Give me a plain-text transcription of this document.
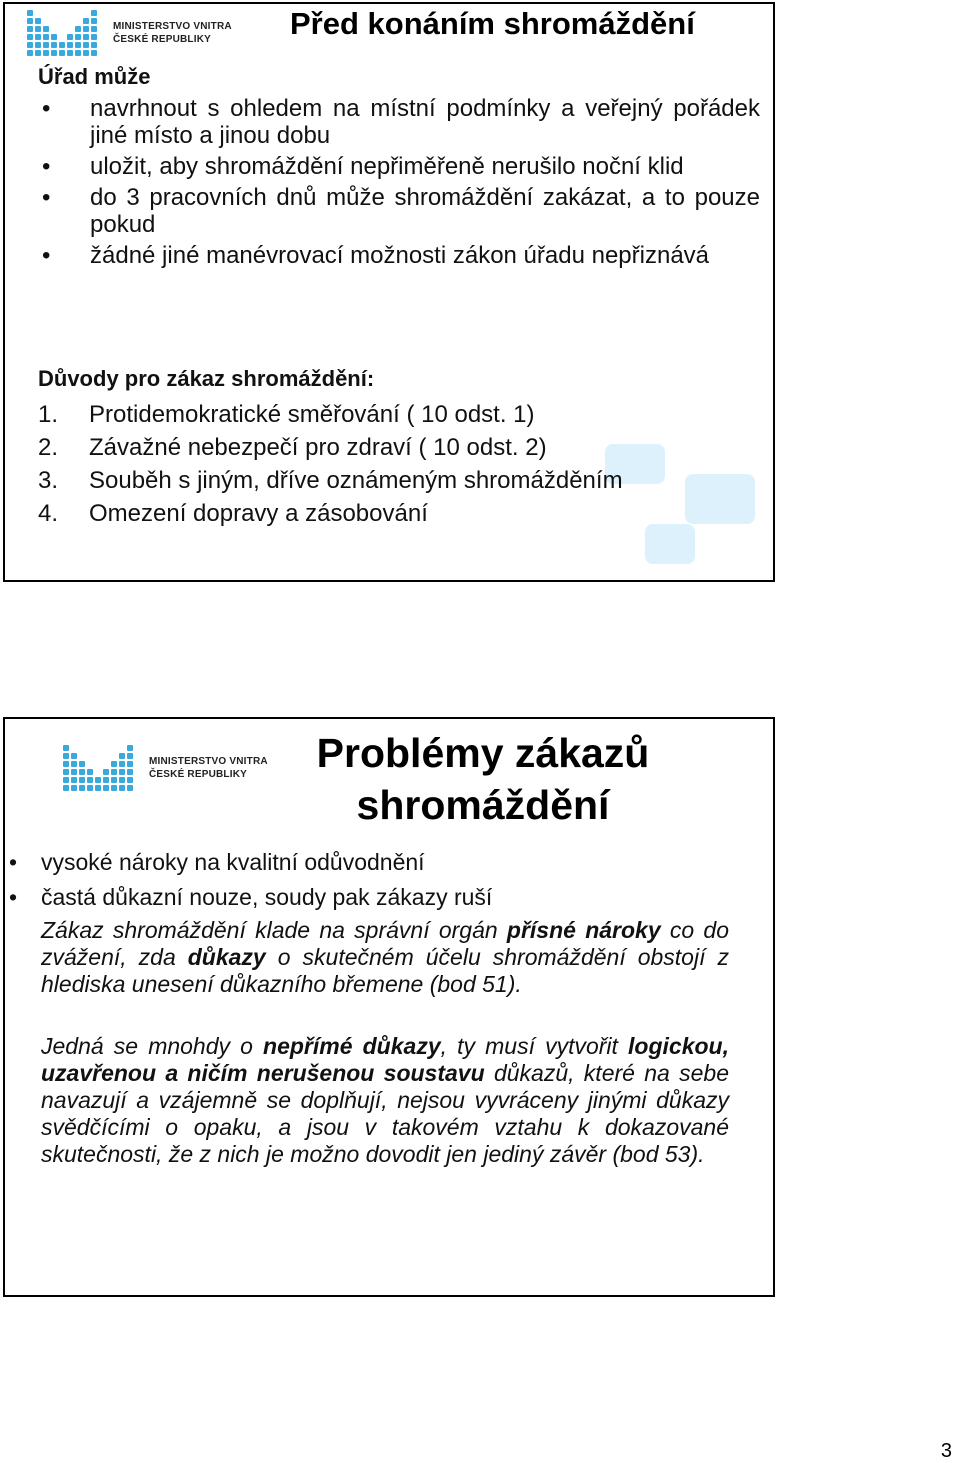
MINISTERSTVO VNITRA
ČESKÉ REPUBLIKY	Před konáním shromáždění
Úřad může
• navrhnout s ohledem na místní podmínky a veřejný pořádek jiné místo a jinou dobu
• uložit, aby shromáždění nepřiměřeně nerušilo noční klid
• do 3 pracovních dnů může shromáždění zakázat, a to pouze pokud
• žádné jiné manévrovací možnosti zákon úřadu nepřiznává
Důvody pro zákaz shromáždění:
1. Protidemokratické směřování ( 10 odst. 1)
2. Závažné nebezpečí pro zdraví ( 10 odst. 2)
3. Souběh s jiným, dříve oznámeným shromážděním
4. Omezení dopravy a zásobování
MINISTERSTVO VNITRA
ČESKÉ REPUBLIKY	Problémy zákazů shromáždění
• vysoké nároky na kvalitní odůvodnění
• častá důkazní nouze, soudy pak zákazy ruší
Zákaz shromáždění klade na správní orgán přísné nároky co do zvážení, zda důkazy o skutečném účelu shromáždění obstojí z hlediska unesení důkazního břemene (bod 51).
Jedná se mnohdy o nepřímé důkazy, ty musí vytvořit logickou, uzavřenou a ničím nerušenou soustavu důkazů, které na sebe navazují a vzájemně se doplňují, nejsou vyvráceny jinými důkazy svědčícími o opaku, a jsou v takovém vztahu k dokazované skutečnosti, že z nich je možno dovodit jen jediný závěr (bod 53).
3
